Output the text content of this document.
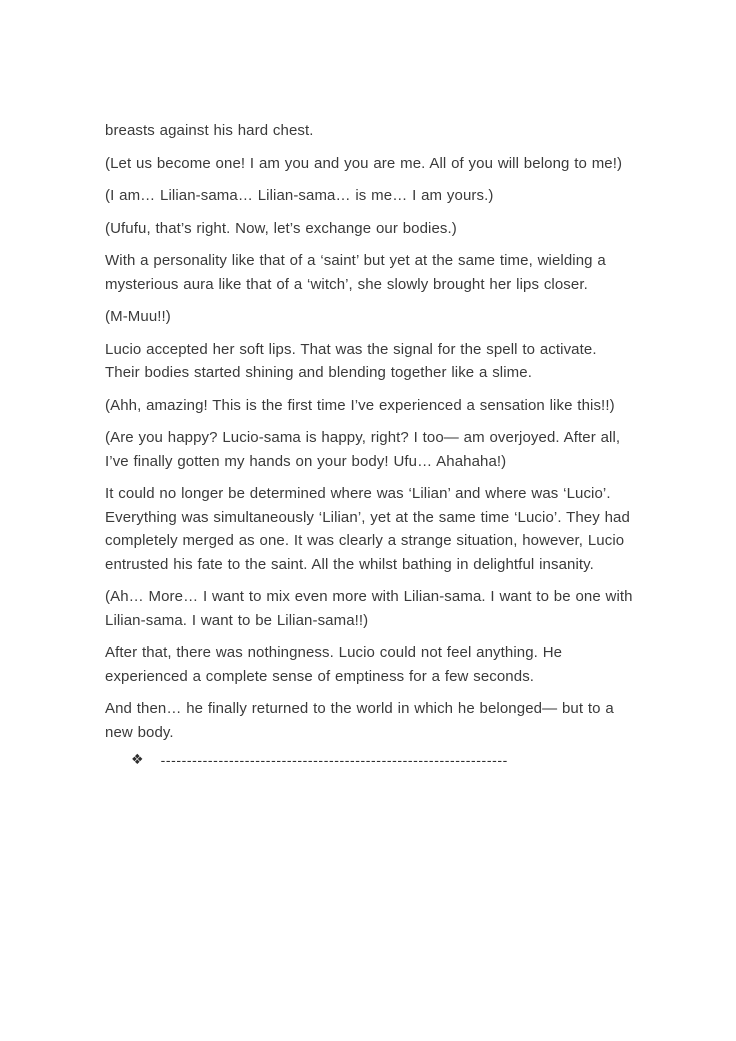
breasts against his hard chest.

(Let us become one! I am you and you are me. All of you will belong to me!)

(I am… Lilian-sama… Lilian-sama… is me… I am yours.)

(Ufufu, that’s right. Now, let’s exchange our bodies.)

With a personality like that of a ‘saint’ but yet at the same time, wielding a mysterious aura like that of a ‘witch’, she slowly brought her lips closer.

(M-Muu!!)

Lucio accepted her soft lips. That was the signal for the spell to activate. Their bodies started shining and blending together like a slime.

(Ahh, amazing! This is the first time I’ve experienced a sensation like this!!)

(Are you happy? Lucio-sama is happy, right? I too— am overjoyed. After all, I’ve finally gotten my hands on your body! Ufu… Ahahaha!)

It could no longer be determined where was ‘Lilian’ and where was ‘Lucio’. Everything was simultaneously ‘Lilian’, yet at the same time ‘Lucio’. They had completely merged as one. It was clearly a strange situation, however, Lucio entrusted his fate to the saint. All the whilst bathing in delightful insanity.

(Ah… More… I want to mix even more with Lilian-sama. I want to be one with Lilian-sama. I want to be Lilian-sama!!)

After that, there was nothingness. Lucio could not feel anything. He experienced a complete sense of emptiness for a few seconds.

And then… he finally returned to the world in which he belonged— but to a new body.

❖ ------------------------------------------------------------------
